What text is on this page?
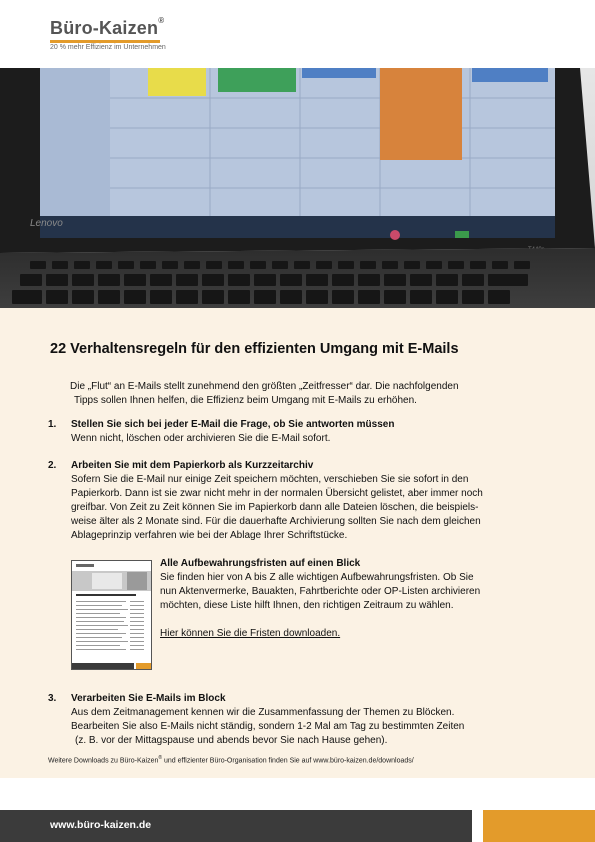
Büro-Kaizen®
20 % mehr Effizienz im Unternehmen
Lenovo
22 Verhaltensregeln für den effizienten Umgang mit E-Mails
Die „Flut“ an E-Mails stellt zunehmend den größten „Zeitfresser“ dar. Die nachfolgenden
Tipps sollen Ihnen helfen, die Effizienz beim Umgang mit E-Mails zu erhöhen.
1. Stellen Sie sich bei jeder E-Mail die Frage, ob Sie antworten müssen
Wenn nicht, löschen oder archivieren Sie die E-Mail sofort.
2. Arbeiten Sie mit dem Papierkorb als Kurzzeitarchiv
Sofern Sie die E-Mail nur einige Zeit speichern möchten, verschieben Sie sie sofort in den
Papierkorb. Dann ist sie zwar nicht mehr in der normalen Übersicht gelistet, aber immer noch
greifbar. Von Zeit zu Zeit können Sie im Papierkorb dann alle Dateien löschen, die beispiels-
weise älter als 2 Monate sind. Für die dauerhafte Archivierung sollten Sie nach dem gleichen
Ablageprinzip verfahren wie bei der Ablage Ihrer Schriftstücke.
Alle Aufbewahrungsfristen auf einen Blick
Sie finden hier von A bis Z alle wichtigen Aufbewahrungsfristen. Ob Sie
nun Aktenvermerke, Bauakten, Fahrtberichte oder OP-Listen archivieren
möchten, diese Liste hilft Ihnen, den richtigen Zeitraum zu wählen.
Hier können Sie die Fristen downloaden.
3. Verarbeiten Sie E-Mails im Block
Aus dem Zeitmanagement kennen wir die Zusammenfassung der Themen zu Blöcken.
Bearbeiten Sie also E-Mails nicht ständig, sondern 1-2 Mal am Tag zu bestimmten Zeiten
(z. B. vor der Mittagspause und abends bevor Sie nach Hause gehen).
Weitere Downloads zu Büro-Kaizen® und effizienter Büro-Organisation finden Sie auf www.büro-kaizen.de/downloads/
www.büro-kaizen.de
